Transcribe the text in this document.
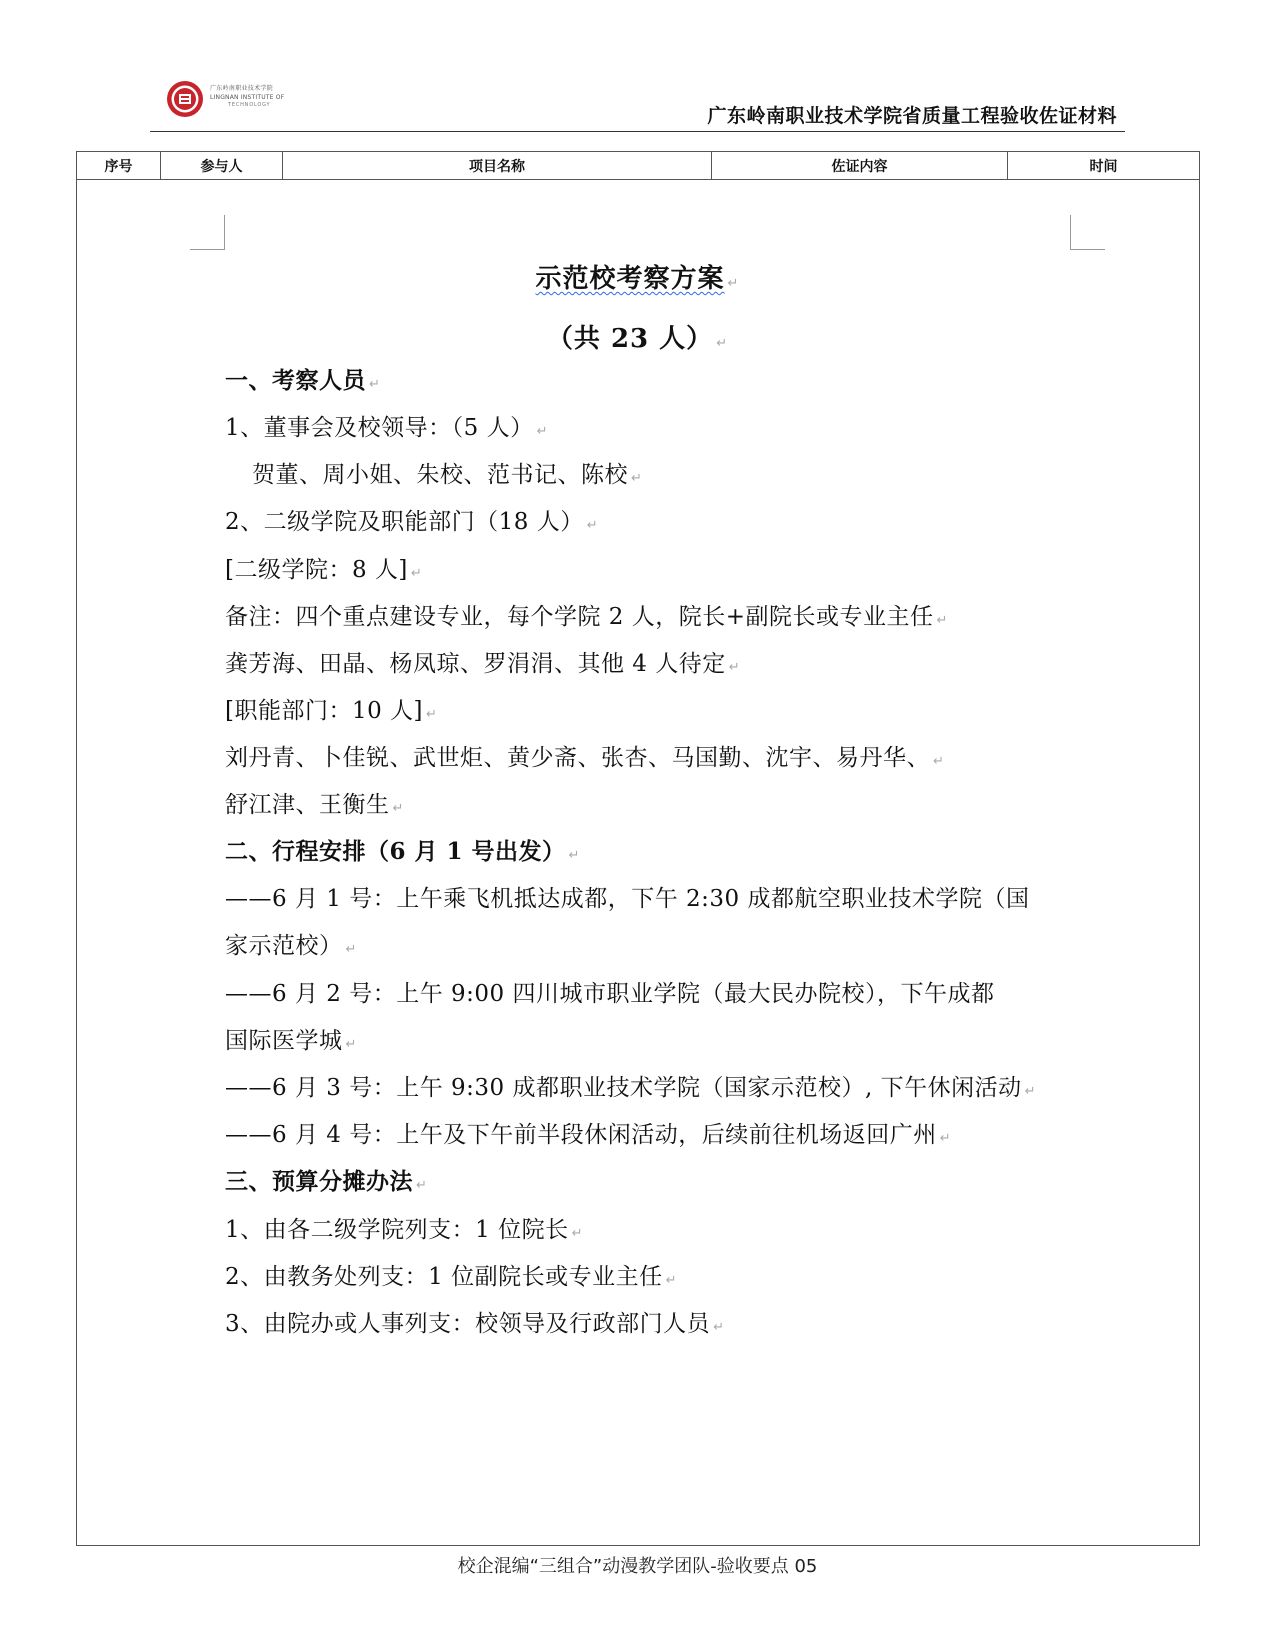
广东岭南职业技术学院
LINGNAN INSTITUTE OF
TECHNOLOGY	广东岭南职业技术学院省质量工程验收佐证材料
序号	参与人	项目名称	佐证内容	时间
示范校考察方案 ↵
（共 23 人） ↵
一、考察人员 ↵
1、董事会及校领导：（5 人） ↵
贺董、周小姐、朱校、范书记、陈校 ↵
2、二级学院及职能部门（18 人） ↵
[二级学院：8 人] ↵
备注：四个重点建设专业，每个学院 2 人，院长+副院长或专业主任 ↵
龚芳海、田晶、杨凤琼、罗涓涓、其他 4 人待定 ↵
[职能部门：10 人] ↵
刘丹青、卜佳锐、武世炬、黄少斋、张杏、马国勤、沈宇、易丹华、 ↵
舒江津、王衡生 ↵
二、行程安排（6 月 1 号出发） ↵
——6 月 1 号：上午乘飞机抵达成都，下午 2:30 成都航空职业技术学院（国
家示范校） ↵
——6 月 2 号：上午 9:00 四川城市职业学院（最大民办院校），下午成都
国际医学城 ↵
——6 月 3 号：上午 9:30 成都职业技术学院（国家示范校）, 下午休闲活动 ↵
——6 月 4 号：上午及下午前半段休闲活动，后续前往机场返回广州 ↵
三、预算分摊办法 ↵
1、由各二级学院列支：1 位院长 ↵
2、由教务处列支：1 位副院长或专业主任 ↵
3、由院办或人事列支：校领导及行政部门人员 ↵
校企混编“三组合”动漫教学团队-验收要点 05
